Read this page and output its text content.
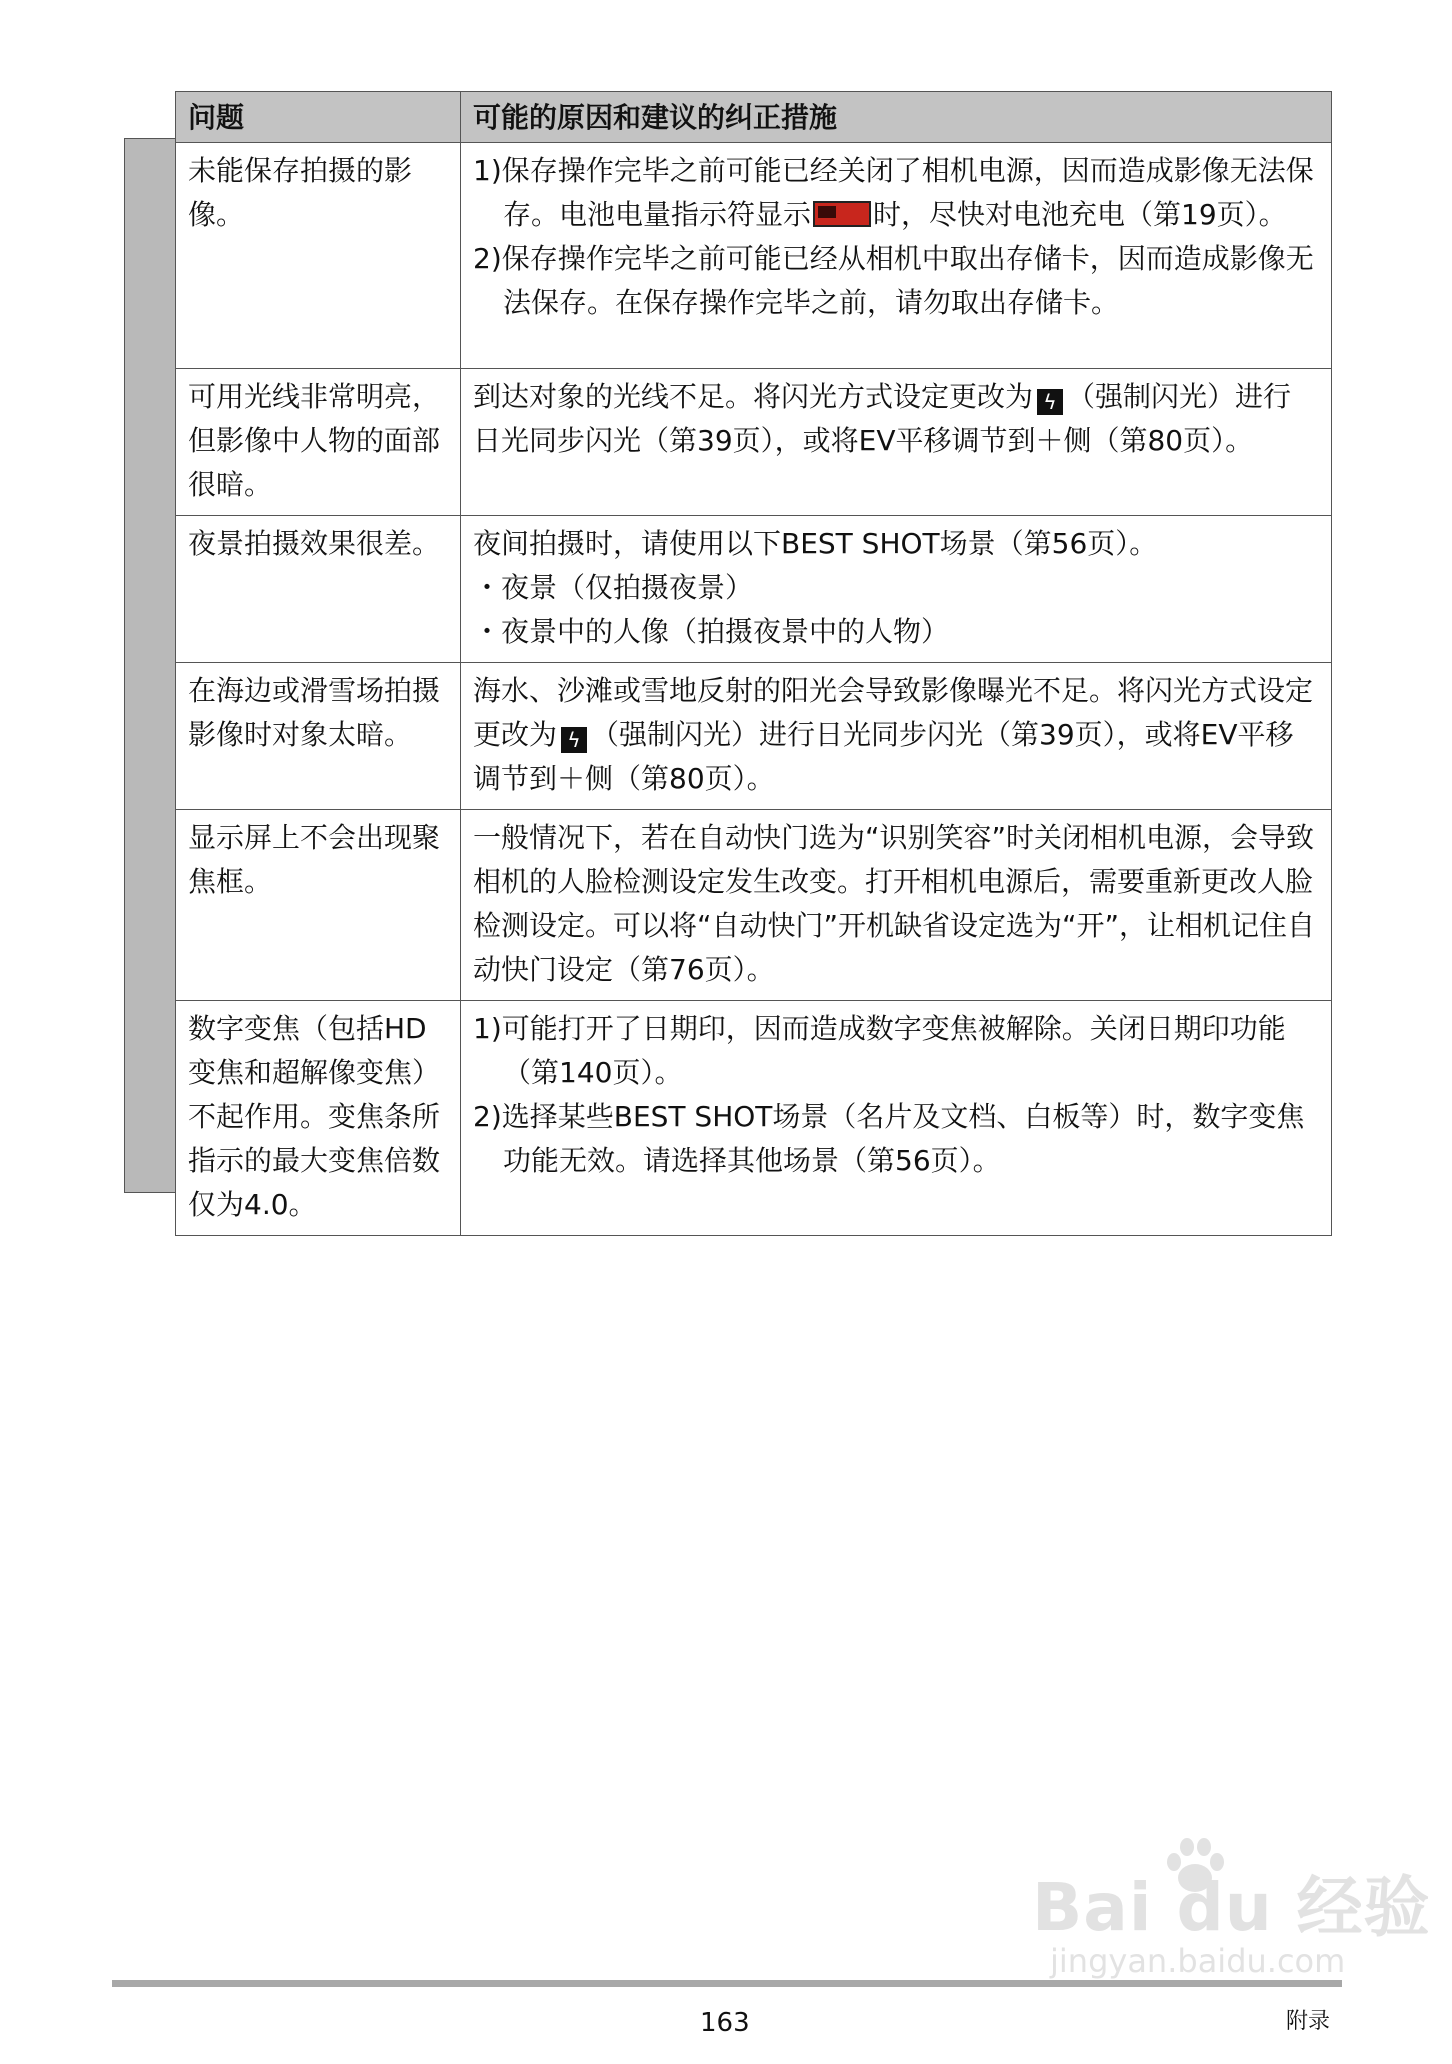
问题	可能的原因和建议的纠正措施
未能保存拍摄的影像。	1)保存操作完毕之前可能已经关闭了相机电源，因而造成影像无法保存。电池电量指示符显示 时，尽快对电池充电（第19页）。
2)保存操作完毕之前可能已经从相机中取出存储卡，因而造成影像无法保存。在保存操作完毕之前，请勿取出存储卡。

可用光线非常明亮，但影像中人物的面部很暗。	到达对象的光线不足。将闪光方式设定更改为 ϟ （强制闪光）进行日光同步闪光（第39页），或将EV平移调节到＋侧（第80页）。
夜景拍摄效果很差。	夜间拍摄时，请使用以下BEST SHOT场景（第56页）。
・夜景（仅拍摄夜景）
・夜景中的人像（拍摄夜景中的人物）

在海边或滑雪场拍摄影像时对象太暗。	海水、沙滩或雪地反射的阳光会导致影像曝光不足。将闪光方式设定更改为 ϟ （强制闪光）进行日光同步闪光（第39页），或将EV平移调节到＋侧（第80页）。
显示屏上不会出现聚焦框。	一般情况下，若在自动快门选为“识别笑容”时关闭相机电源，会导致相机的人脸检测设定发生改变。打开相机电源后，需要重新更改人脸检测设定。可以将“自动快门”开机缺省设定选为“开”，让相机记住自动快门设定（第76页）。
数字变焦（包括HD变焦和超解像变焦）不起作用。变焦条所指示的最大变焦倍数仅为4.0。	1)可能打开了日期印，因而造成数字变焦被解除。关闭日期印功能（第140页）。
2)选择某些BEST SHOT场景（名片及文档、白板等）时，数字变焦功能无效。请选择其他场景（第56页）。
Bai du 经验
jingyan.baidu.com
163	附录
